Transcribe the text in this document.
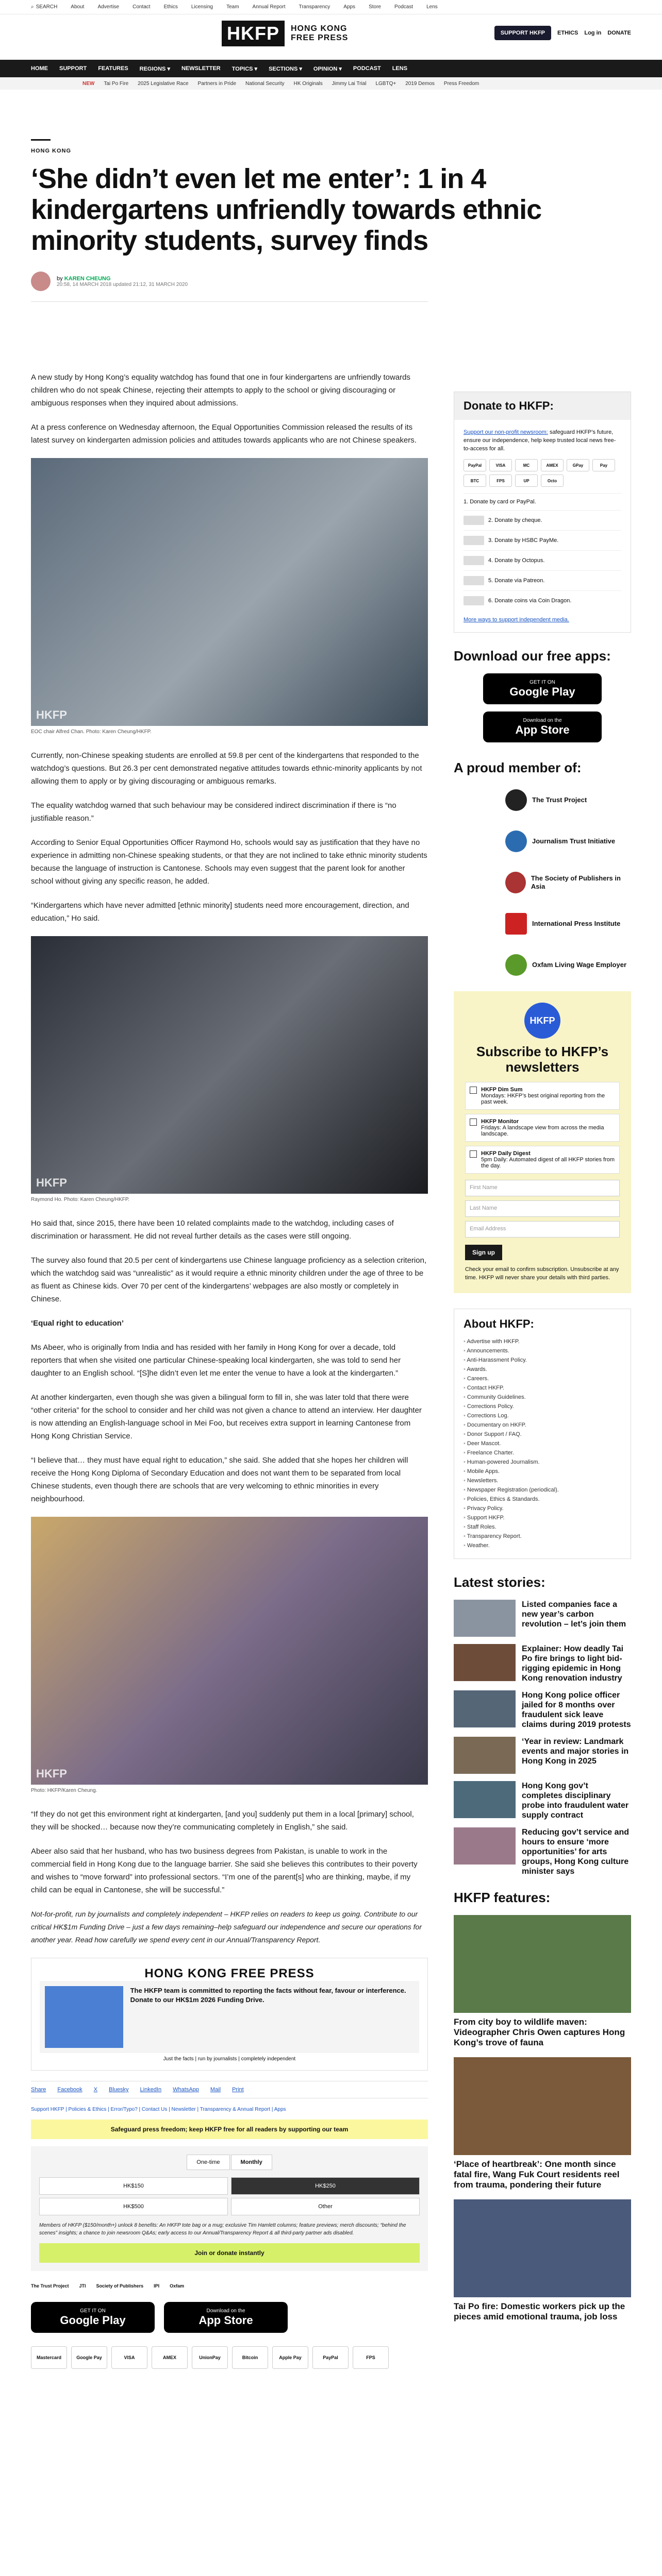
⌕ SEARCH	About	Advertise	Contact	Ethics	Licensing	Team	Annual Report	Transparency	Apps	Store	Podcast	Lens
HKFP	HONG KONG
FREE PRESS
SUPPORT HKFP	ETHICS Log in DONATE
HOME SUPPORT FEATURES REGIONS ▾ NEWSLETTER TOPICS ▾ SECTIONS ▾ OPINION ▾ PODCAST LENS
NEW Tai Po Fire 2025 Legislative Race Partners in Pride National Security HK Originals Jimmy Lai Trial LGBTQ+ 2019 Demos Press Freedom
HONG KONG
‘She didn’t even let me enter’: 1 in 4 kindergartens unfriendly towards ethnic minority students, survey finds
by KAREN CHEUNG
20:58, 14 MARCH 2018 updated 21:12, 31 MARCH 2020

A new study by Hong Kong’s equality watchdog has found that one in four kindergartens are unfriendly towards children who do not speak Chinese, rejecting their attempts to apply to the school or giving discouraging or ambiguous responses when they inquired about admissions.

At a press conference on Wednesday afternoon, the Equal Opportunities Commission released the results of its latest survey on kindergarten admission policies and attitudes towards applicants who are not Chinese speakers.

HKFP
EOC chair Alfred Chan. Photo: Karen Cheung/HKFP.

Currently, non-Chinese speaking students are enrolled at 59.8 per cent of the kindergartens that responded to the watchdog’s questions. But 26.3 per cent demonstrated negative attitudes towards ethnic-minority applicants by not allowing them to apply or by giving discouraging or ambiguous remarks.

The equality watchdog warned that such behaviour may be considered indirect discrimination if there is “no justifiable reason.”

According to Senior Equal Opportunities Officer Raymond Ho, schools would say as justification that they have no experience in admitting non-Chinese speaking students, or that they are not inclined to take ethnic minority students because the language of instruction is Cantonese. Schools may even suggest that the parent look for another school without giving any specific reason, he added.

“Kindergartens which have never admitted [ethnic minority] students need more encouragement, direction, and education,” Ho said.

HKFP
Raymond Ho. Photo: Karen Cheung/HKFP.

Ho said that, since 2015, there have been 10 related complaints made to the watchdog, including cases of discrimination or harassment. He did not reveal further details as the cases were still ongoing.

The survey also found that 20.5 per cent of kindergartens use Chinese language proficiency as a selection criterion, which the watchdog said was “unrealistic” as it would require a ethnic minority children under the age of three to be as fluent as Chinese kids. Over 70 per cent of the kindergartens’ webpages are also mostly or completely in Chinese.

‘Equal right to education’

Ms Abeer, who is originally from India and has resided with her family in Hong Kong for over a decade, told reporters that when she visited one particular Chinese-speaking local kindergarten, she was told to send her daughter to an English school. “[S]he didn’t even let me enter the venue to have a look at the kindergarten.”

At another kindergarten, even though she was given a bilingual form to fill in, she was later told that there were “other criteria” for the school to consider and her child was not given a chance to attend an interview. Her daughter is now attending an English-language school in Mei Foo, but receives extra support in learning Cantonese from Hong Kong Christian Service.

“I believe that… they must have equal right to education,” she said. She added that she hopes her children will receive the Hong Kong Diploma of Secondary Education and does not want them to be separated from local Chinese students, even though there are schools that are very welcoming to ethnic minorities in every neighbourhood.

HKFP
Photo: HKFP/Karen Cheung.

“If they do not get this environment right at kindergarten, [and you] suddenly put them in a local [primary] school, they will be shocked… because now they’re communicating completely in English,” she said.

Abeer also said that her husband, who has two business degrees from Pakistan, is unable to work in the commercial field in Hong Kong due to the language barrier. She said she believes this contributes to their poverty and wishes to “move forward” into professional sectors. “I’m one of the parent[s] who are thinking, maybe, if my child can be equal in Cantonese, she will be successful.”

Not-for-profit, run by journalists and completely independent – HKFP relies on readers to keep us going. Contribute to our critical HK$1m Funding Drive – just a few days remaining–help safeguard our independence and secure our operations for another year. Read how carefully we spend every cent in our Annual/Transparency Report.

HONG KONG FREE PRESS
The HKFP team is committed to reporting the facts without fear, favour or interference. Donate to our HK$1m 2026 Funding Drive.
Just the facts | run by journalists | completely independent
Share Facebook X Bluesky LinkedIn WhatsApp Mail Print
Support HKFP | Policies & Ethics | Error/Typo? | Contact Us | Newsletter | Transparency & Annual Report | Apps
Safeguard press freedom; keep HKFP free for all readers by supporting our team
One-time	Monthly
HK$150	HK$250
HK$500	Other

Members of HKFP ($150/month+) unlock 8 benefits: An HKFP tote bag or a mug; exclusive Tim Hamlett columns; feature previews; merch discounts; “behind the scenes” insights; a chance to join newsroom Q&As; early access to our Annual/Transparency Report & all third-party partner ads disabled.

Join or donate instantly
The Trust Project JTI Society of Publishers IPI Oxfam
GET IT ON
Google Play
Download on the
App Store
Mastercard	Google Pay	VISA	AMEX	UnionPay	Bitcoin	Apple Pay	PayPal	FPS
Donate to HKFP:
Support our non-profit newsroom: safeguard HKFP’s future, ensure our independence, help keep trusted local news free-to-access for all.
PayPal	VISA	MC	AMEX	GPay	Pay
BTC	FPS	UP	Octo
1. Donate by card or PayPal.
2. Donate by cheque.
3. Donate by HSBC PayMe.
4. Donate by Octopus.
5. Donate via Patreon.
6. Donate coins via Coin Dragon.
More ways to support independent media.
Download our free apps:
GET IT ON
Google Play
Download on the
App Store
A proud member of:
The Trust Project
Journalism Trust Initiative
The Society of Publishers in Asia
International Press Institute
Oxfam Living Wage Employer
HKFP
Subscribe to HKFP’s newsletters
HKFP Dim Sum
Mondays: HKFP’s best original reporting from the past week.
HKFP Monitor
Fridays: A landscape view from across the media landscape.
HKFP Daily Digest
5pm Daily: Automated digest of all HKFP stories from the day.
First Name
Last Name
Email Address
Sign up
Check your email to confirm subscription. Unsubscribe at any time. HKFP will never share your details with third parties.
About HKFP:
• Advertise with HKFP.
• Announcements.
• Anti-Harassment Policy.
• Awards.
• Careers.
• Contact HKFP.
• Community Guidelines.
• Corrections Policy.
• Corrections Log.
• Documentary on HKFP.
• Donor Support / FAQ.
• Deer Mascot.
• Freelance Charter.
• Human-powered Journalism.
• Mobile Apps.
• Newsletters.
• Newspaper Registration (periodical).
• Policies, Ethics & Standards.
• Privacy Policy.
• Support HKFP.
• Staff Roles.
• Transparency Report.
• Weather.
Latest stories:
Listed companies face a new year’s carbon revolution – let’s join them
Explainer: How deadly Tai Po fire brings to light bid-rigging epidemic in Hong Kong renovation industry
Hong Kong police officer jailed for 8 months over fraudulent sick leave claims during 2019 protests
‘Year in review: Landmark events and major stories in Hong Kong in 2025
Hong Kong gov’t completes disciplinary probe into fraudulent water supply contract
Reducing gov’t service and hours to ensure ‘more opportunities’ for arts groups, Hong Kong culture minister says
HKFP features:
From city boy to wildlife maven: Videographer Chris Owen captures Hong Kong’s trove of fauna
‘Place of heartbreak’: One month since fatal fire, Wang Fuk Court residents reel from trauma, pondering their future
Tai Po fire: Domestic workers pick up the pieces amid emotional trauma, job loss
